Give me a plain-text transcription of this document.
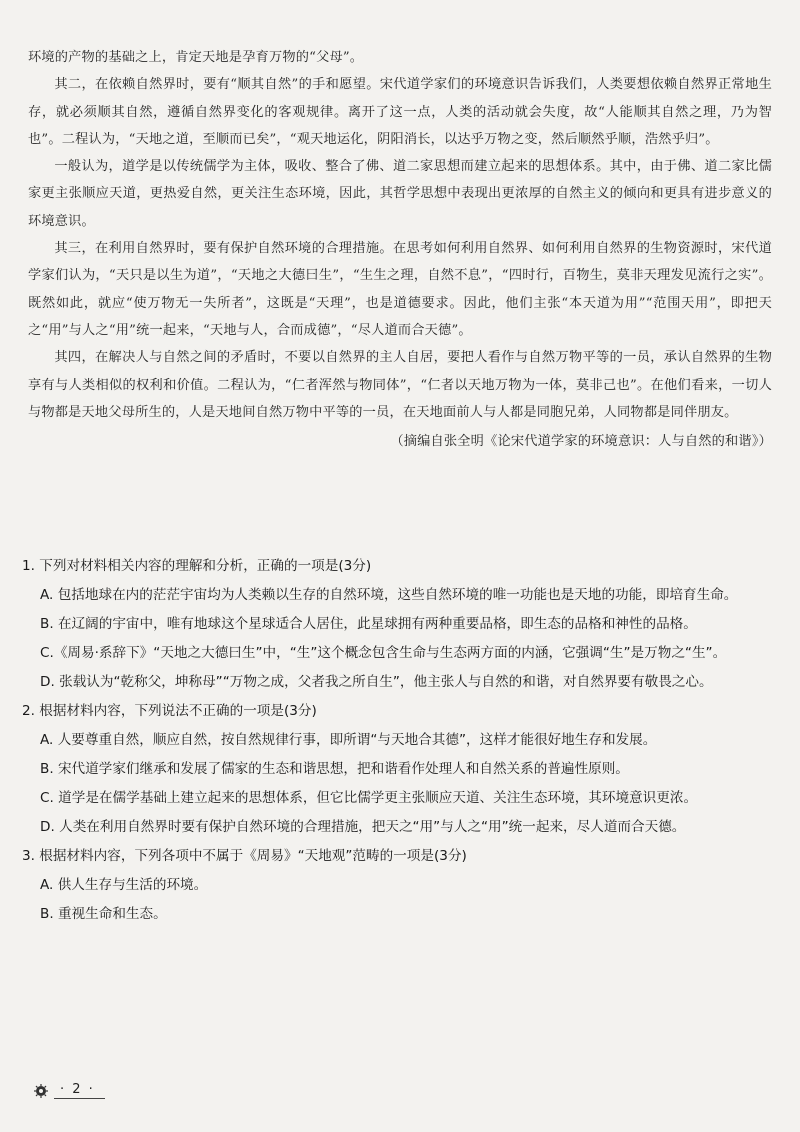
环境的产物的基础之上，肯定天地是孕育万物的“父母”。

其二，在依赖自然界时，要有“顺其自然”的手和愿望。宋代道学家们的环境意识告诉我们，人类要想依赖自然界正常地生存，就必须顺其自然，遵循自然界变化的客观规律。离开了这一点，人类的活动就会失度，故“人能顺其自然之理，乃为智也”。二程认为，“天地之道，至顺而已矣”，“观天地运化，阴阳消长，以达乎万物之变，然后顺然乎顺，浩然乎归”。

一般认为，道学是以传统儒学为主体，吸收、整合了佛、道二家思想而建立起来的思想体系。其中，由于佛、道二家比儒家更主张顺应天道，更热爱自然，更关注生态环境，因此，其哲学思想中表现出更浓厚的自然主义的倾向和更具有进步意义的环境意识。

其三，在利用自然界时，要有保护自然环境的合理措施。在思考如何利用自然界、如何利用自然界的生物资源时，宋代道学家们认为，“天只是以生为道”，“天地之大德曰生”，“生生之理，自然不息”，“四时行，百物生，莫非天理发见流行之实”。既然如此，就应“使万物无一失所者”，这既是“天理”，也是道德要求。因此，他们主张“本天道为用”“范围天用”，即把天之“用”与人之“用”统一起来，“天地与人，合而成德”，“尽人道而合天德”。

其四，在解决人与自然之间的矛盾时，不要以自然界的主人自居，要把人看作与自然万物平等的一员，承认自然界的生物享有与人类相似的权利和价值。二程认为，“仁者浑然与物同体”，“仁者以天地万物为一体，莫非己也”。在他们看来，一切人与物都是天地父母所生的，人是天地间自然万物中平等的一员，在天地面前人与人都是同胞兄弟，人同物都是同伴朋友。

（摘编自张全明《论宋代道学家的环境意识：人与自然的和谐》）

1. 下列对材料相关内容的理解和分析，正确的一项是(3分)

A. 包括地球在内的茫茫宇宙均为人类赖以生存的自然环境，这些自然环境的唯一功能也是天地的功能，即培育生命。

B. 在辽阔的宇宙中，唯有地球这个星球适合人居住，此星球拥有两种重要品格，即生态的品格和神性的品格。

C.《周易·系辞下》“天地之大德曰生”中，“生”这个概念包含生命与生态两方面的内涵，它强调“生”是万物之“生”。

D. 张载认为“乾称父，坤称母”“万物之成，父者我之所自生”，他主张人与自然的和谐，对自然界要有敬畏之心。

2. 根据材料内容，下列说法不正确的一项是(3分)

A. 人要尊重自然，顺应自然，按自然规律行事，即所谓“与天地合其德”，这样才能很好地生存和发展。

B. 宋代道学家们继承和发展了儒家的生态和谐思想，把和谐看作处理人和自然关系的普遍性原则。

C. 道学是在儒学基础上建立起来的思想体系，但它比儒学更主张顺应天道、关注生态环境，其环境意识更浓。

D. 人类在利用自然界时要有保护自然环境的合理措施，把天之“用”与人之“用”统一起来，尽人道而合天德。

3. 根据材料内容，下列各项中不属于《周易》“天地观”范畴的一项是(3分)

A. 供人生存与生活的环境。

B. 重视生命和生态。

· 2 ·
